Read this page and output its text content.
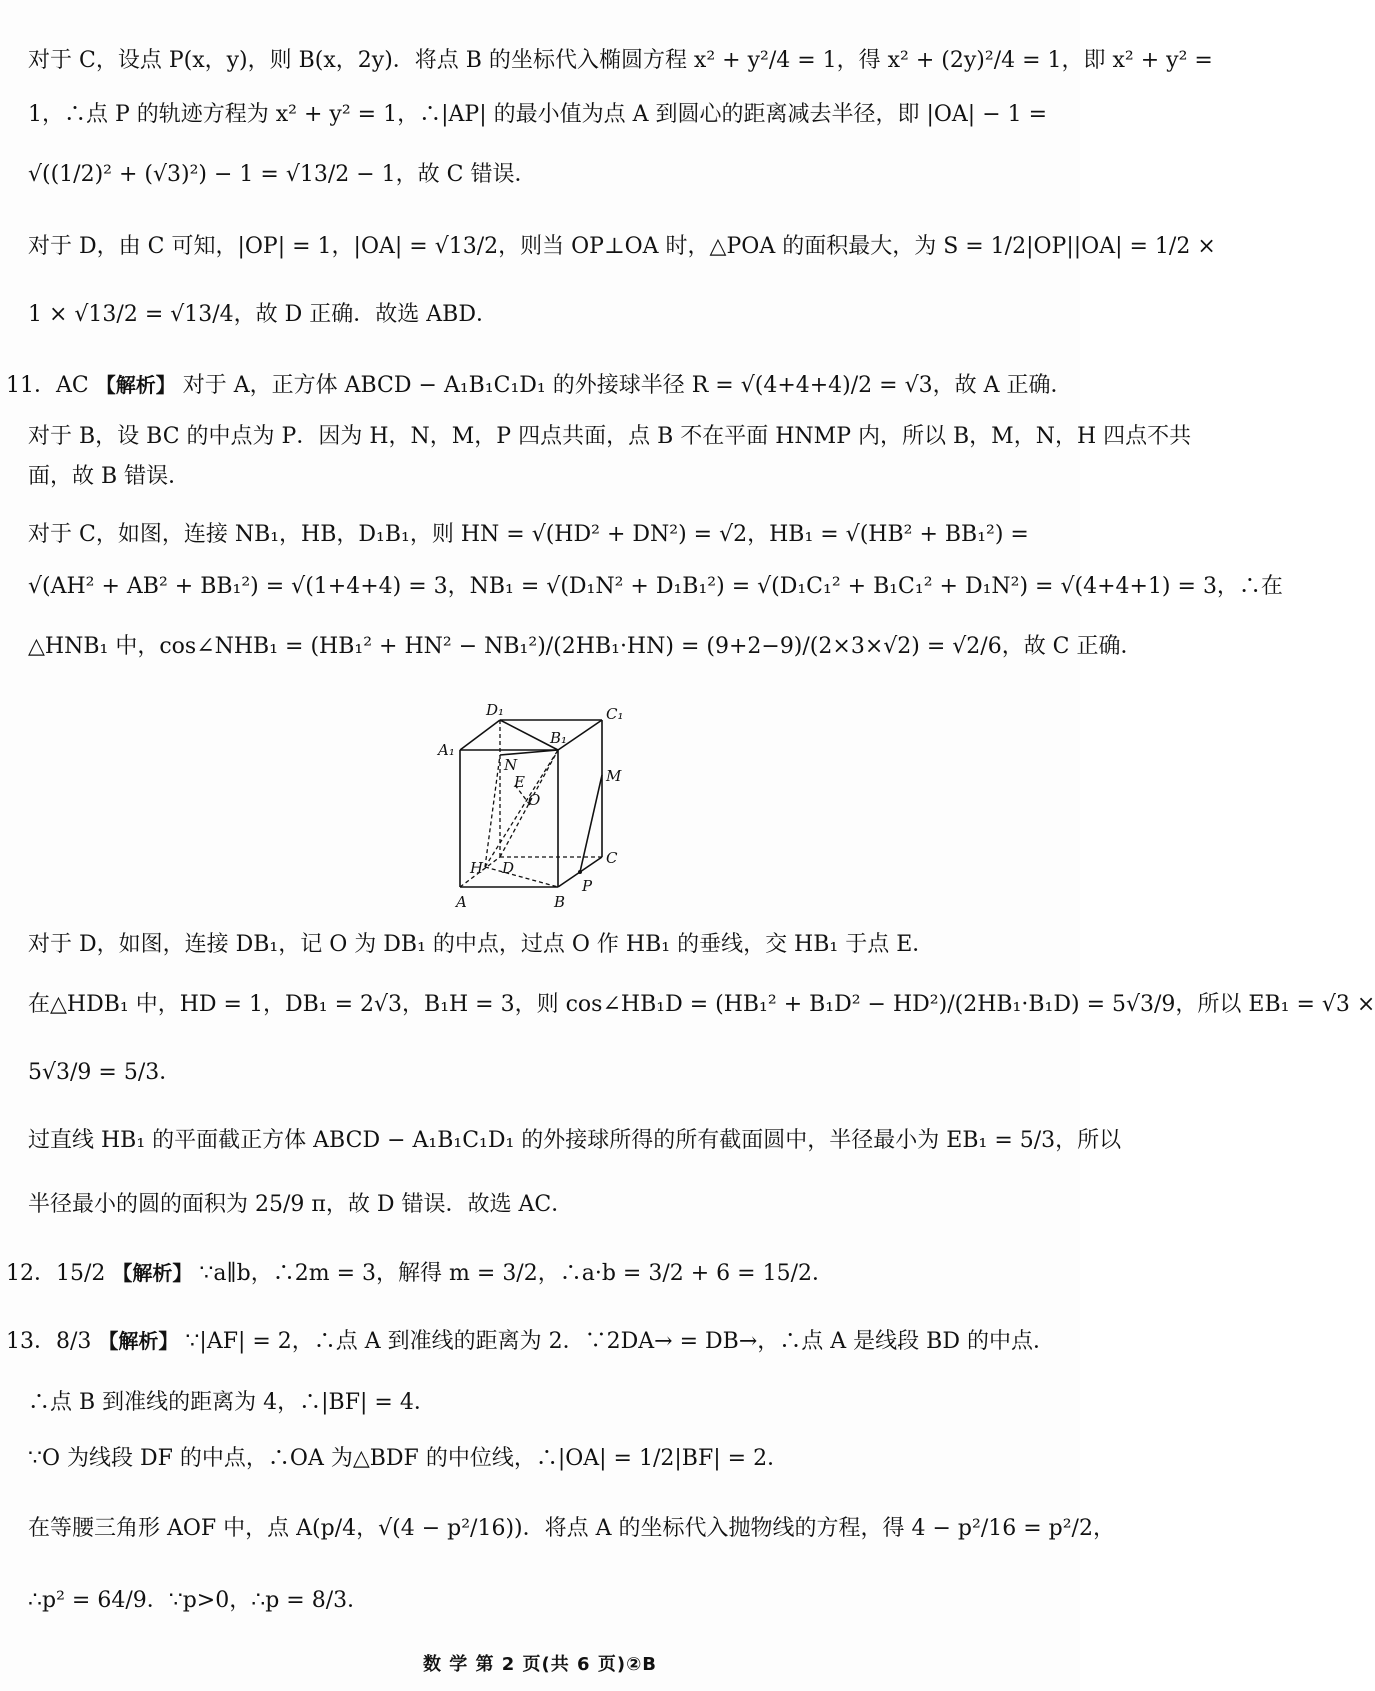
对于 C，设点 P(x，y)，则 B(x，2y)．将点 B 的坐标代入椭圆方程 x² + y²/4 = 1，得 x² + (2y)²/4 = 1，即 x² + y² =
1，∴点 P 的轨迹方程为 x² + y² = 1，∴|AP| 的最小值为点 A 到圆心的距离减去半径，即 |OA| − 1 =
√((1/2)² + (√3)²) − 1 = √13/2 − 1，故 C 错误．
对于 D，由 C 可知，|OP| = 1，|OA| = √13/2，则当 OP⊥OA 时，△POA 的面积最大，为 S = 1/2|OP||OA| = 1/2 ×
1 × √13/2 = √13/4，故 D 正确．故选 ABD．
11．AC 【解析】 对于 A，正方体 ABCD − A₁B₁C₁D₁ 的外接球半径 R = √(4+4+4)/2 = √3，故 A 正确．
对于 B，设 BC 的中点为 P．因为 H，N，M，P 四点共面，点 B 不在平面 HNMP 内，所以 B，M，N，H 四点不共
面，故 B 错误．
对于 C，如图，连接 NB₁，HB，D₁B₁，则 HN = √(HD² + DN²) = √2，HB₁ = √(HB² + BB₁²) =
√(AH² + AB² + BB₁²) = √(1+4+4) = 3，NB₁ = √(D₁N² + D₁B₁²) = √(D₁C₁² + B₁C₁² + D₁N²) = √(4+4+1) = 3，∴在
△HNB₁ 中，cos∠NHB₁ = (HB₁² + HN² − NB₁²)/(2HB₁·HN) = (9+2−9)/(2×3×√2) = √2/6，故 C 正确．
D₁	C₁
A₁
B₁
N
M
E
O
H D
C
A	B
P
对于 D，如图，连接 DB₁，记 O 为 DB₁ 的中点，过点 O 作 HB₁ 的垂线，交 HB₁ 于点 E．
在△HDB₁ 中，HD = 1，DB₁ = 2√3，B₁H = 3，则 cos∠HB₁D = (HB₁² + B₁D² − HD²)/(2HB₁·B₁D) = 5√3/9，所以 EB₁ = √3 ×
5√3/9 = 5/3．
过直线 HB₁ 的平面截正方体 ABCD − A₁B₁C₁D₁ 的外接球所得的所有截面圆中，半径最小为 EB₁ = 5/3，所以
半径最小的圆的面积为 25/9 π，故 D 错误．故选 AC．
12．15/2 【解析】 ∵a∥b，∴2m = 3，解得 m = 3/2，∴a·b = 3/2 + 6 = 15/2．
13．8/3 【解析】 ∵|AF| = 2，∴点 A 到准线的距离为 2．∵2DA→ = DB→，∴点 A 是线段 BD 的中点．
∴点 B 到准线的距离为 4，∴|BF| = 4．
∵O 为线段 DF 的中点，∴OA 为△BDF 的中位线，∴|OA| = 1/2|BF| = 2．
在等腰三角形 AOF 中，点 A(p/4，√(4 − p²/16))．将点 A 的坐标代入抛物线的方程，得 4 − p²/16 = p²/2，
∴p² = 64/9．∵p>0，∴p = 8/3．
数 学 第 2 页(共 6 页)②B
